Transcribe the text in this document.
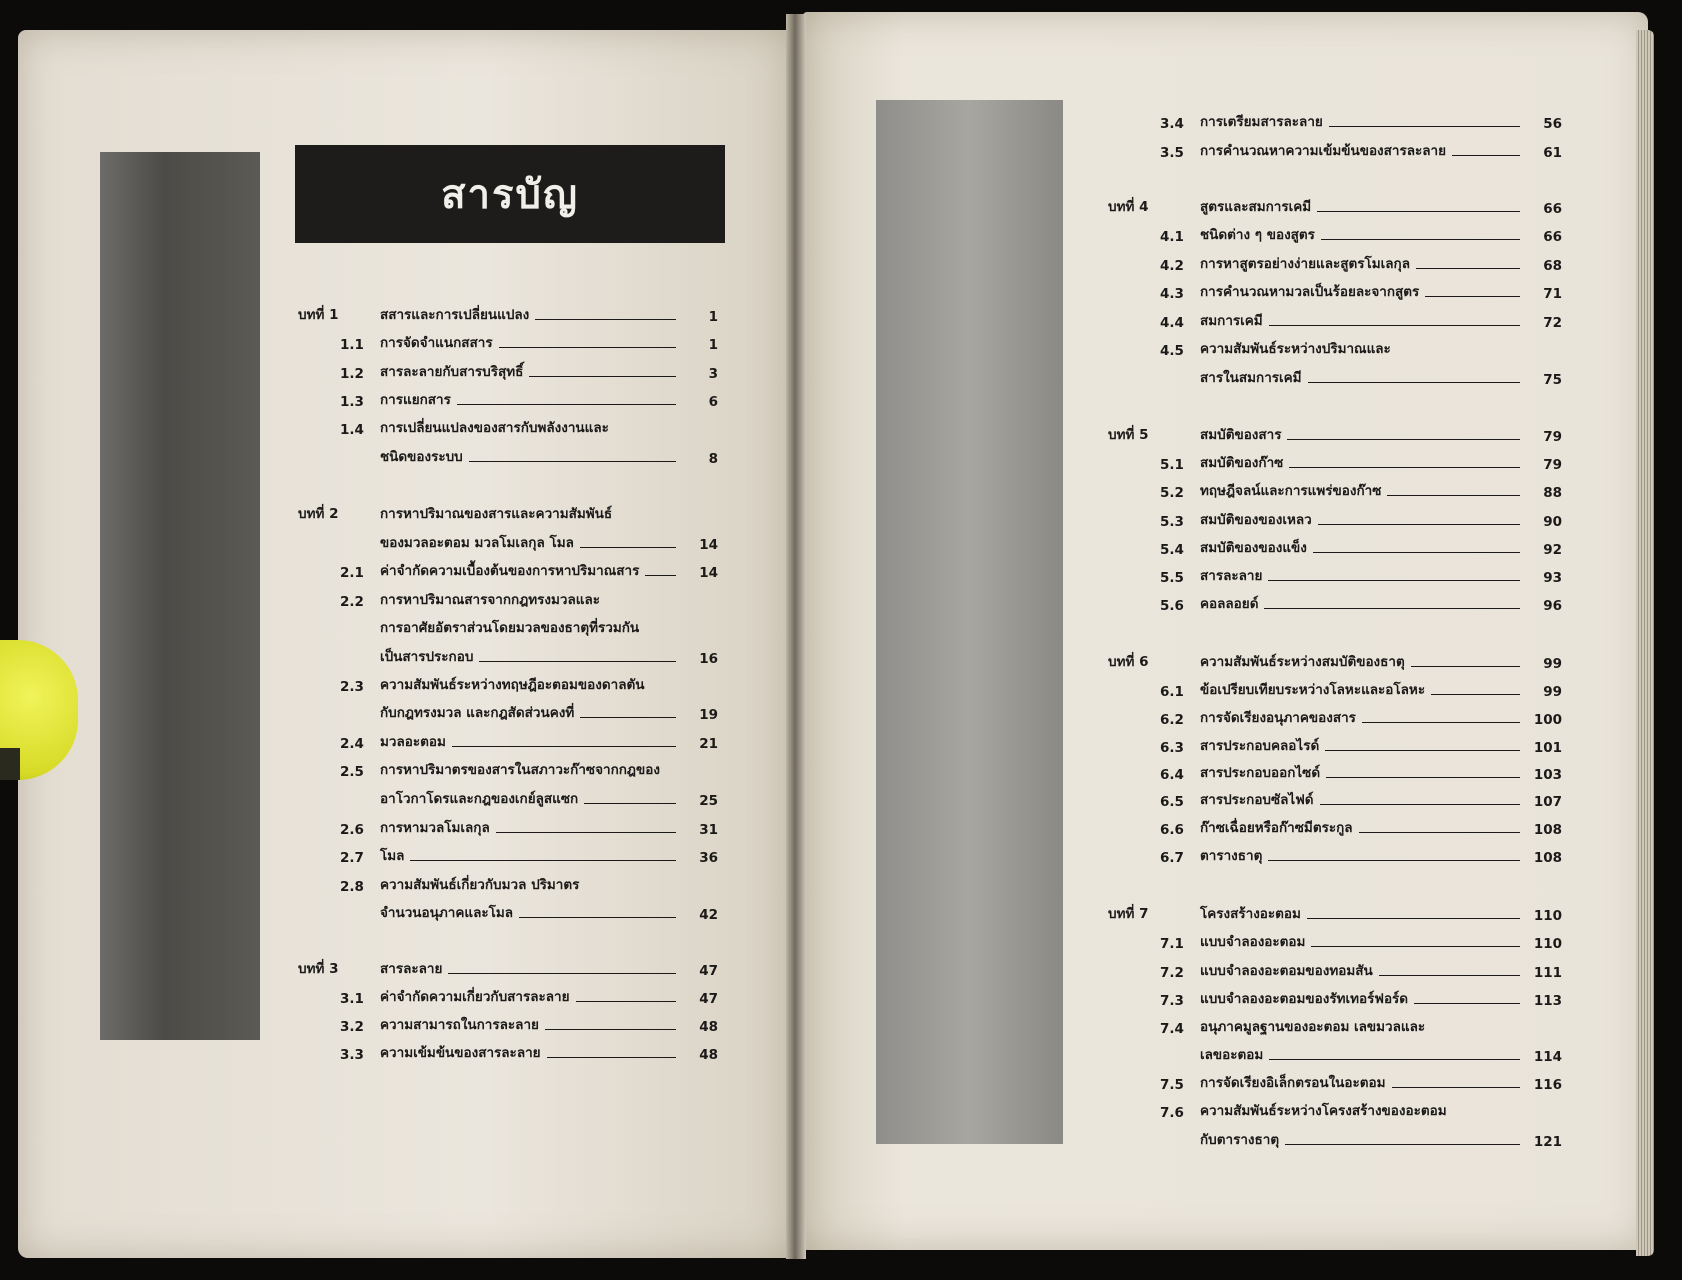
สารบัญ
บทที่ 1	สสารและการเปลี่ยนแปลง	1
1.1	การจัดจำแนกสสาร	1
1.2	สารละลายกับสารบริสุทธิ์	3
1.3	การแยกสาร	6
1.4	การเปลี่ยนแปลงของสารกับพลังงานและ
ชนิดของระบบ	8
บทที่ 2	การหาปริมาณของสารและความสัมพันธ์
ของมวลอะตอม มวลโมเลกุล โมล	14
2.1	ค่าจำกัดความเบื้องต้นของการหาปริมาณสาร	14
2.2	การหาปริมาณสารจากกฎทรงมวลและ
การอาศัยอัตราส่วนโดยมวลของธาตุที่รวมกัน
เป็นสารประกอบ	16
2.3	ความสัมพันธ์ระหว่างทฤษฎีอะตอมของดาลตัน
กับกฎทรงมวล และกฎสัดส่วนคงที่	19
2.4	มวลอะตอม	21
2.5	การหาปริมาตรของสารในสภาวะก๊าซจากกฎของ
อาโวกาโดรและกฎของเกย์ลูสแซก	25
2.6	การหามวลโมเลกุล	31
2.7	โมล	36
2.8	ความสัมพันธ์เกี่ยวกับมวล ปริมาตร
จำนวนอนุภาคและโมล	42
บทที่ 3	สารละลาย	47
3.1	ค่าจำกัดความเกี่ยวกับสารละลาย	47
3.2	ความสามารถในการละลาย	48
3.3	ความเข้มข้นของสารละลาย	48
3.4	การเตรียมสารละลาย	56
3.5	การคำนวณหาความเข้มข้นของสารละลาย	61
บทที่ 4	สูตรและสมการเคมี	66
4.1	ชนิดต่าง ๆ ของสูตร	66
4.2	การหาสูตรอย่างง่ายและสูตรโมเลกุล	68
4.3	การคำนวณหามวลเป็นร้อยละจากสูตร	71
4.4	สมการเคมี	72
4.5	ความสัมพันธ์ระหว่างปริมาณและ
สารในสมการเคมี	75
บทที่ 5	สมบัติของสาร	79
5.1	สมบัติของก๊าซ	79
5.2	ทฤษฎีจลน์และการแพร่ของก๊าซ	88
5.3	สมบัติของของเหลว	90
5.4	สมบัติของของแข็ง	92
5.5	สารละลาย	93
5.6	คอลลอยด์	96
บทที่ 6	ความสัมพันธ์ระหว่างสมบัติของธาตุ	99
6.1	ข้อเปรียบเทียบระหว่างโลหะและอโลหะ	99
6.2	การจัดเรียงอนุภาคของสาร	100
6.3	สารประกอบคลอไรด์	101
6.4	สารประกอบออกไซด์	103
6.5	สารประกอบซัลไฟด์	107
6.6	ก๊าซเฉื่อยหรือก๊าซมีตระกูล	108
6.7	ตารางธาตุ	108
บทที่ 7	โครงสร้างอะตอม	110
7.1	แบบจำลองอะตอม	110
7.2	แบบจำลองอะตอมของทอมสัน	111
7.3	แบบจำลองอะตอมของรัทเทอร์ฟอร์ด	113
7.4	อนุภาคมูลฐานของอะตอม เลขมวลและ
เลขอะตอม	114
7.5	การจัดเรียงอิเล็กตรอนในอะตอม	116
7.6	ความสัมพันธ์ระหว่างโครงสร้างของอะตอม
กับตารางธาตุ	121
